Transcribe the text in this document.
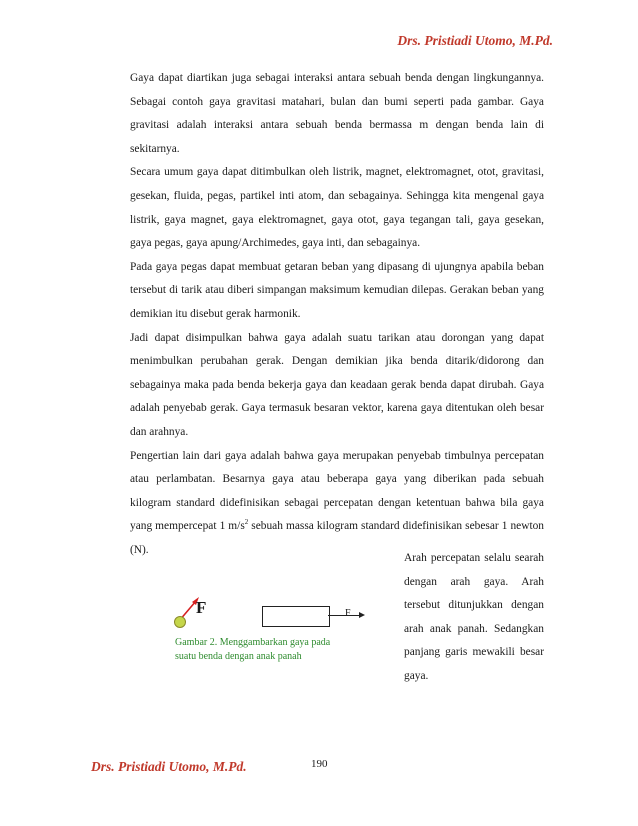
Drs. Pristiadi Utomo, M.Pd.

Gaya dapat diartikan juga sebagai interaksi antara sebuah benda dengan lingkungannya. Sebagai contoh gaya gravitasi matahari, bulan dan bumi seperti pada gambar. Gaya gravitasi adalah interaksi antara sebuah benda bermassa m dengan benda lain di sekitarnya.

Secara umum gaya dapat ditimbulkan oleh listrik, magnet, elektromagnet, otot, gravitasi, gesekan, fluida, pegas, partikel inti atom, dan sebagainya. Sehingga kita mengenal gaya listrik, gaya magnet, gaya elektromagnet, gaya otot, gaya tegangan tali, gaya gesekan, gaya pegas, gaya apung/Archimedes, gaya inti, dan sebagainya.

Pada gaya pegas dapat membuat getaran beban yang dipasang di ujungnya apabila beban tersebut di tarik atau diberi simpangan maksimum kemudian dilepas. Gerakan beban yang demikian itu disebut gerak harmonik.

Jadi dapat disimpulkan bahwa gaya adalah suatu tarikan atau dorongan yang dapat menimbulkan perubahan gerak. Dengan demikian jika benda ditarik/didorong dan sebagainya maka pada benda bekerja gaya dan keadaan gerak benda dapat dirubah. Gaya adalah penyebab gerak. Gaya termasuk besaran vektor, karena gaya ditentukan oleh besar dan arahnya.

Pengertian lain dari gaya adalah bahwa gaya merupakan penyebab timbulnya percepatan atau perlambatan. Besarnya gaya atau beberapa gaya yang diberikan pada sebuah kilogram standard didefinisikan sebagai percepatan dengan ketentuan bahwa bila gaya yang mempercepat 1 $m/s^2$ sebuah massa kilogram standard didefinisikan sebesar 1 newton (N).

F	F
Gambar 2. Menggambarkan gaya pada suatu benda dengan anak panah
Arah percepatan selalu searah dengan arah gaya. Arah tersebut ditunjukkan dengan arah anak panah. Sedangkan panjang garis mewakili besar gaya.
Drs. Pristiadi Utomo, M.Pd.	190
